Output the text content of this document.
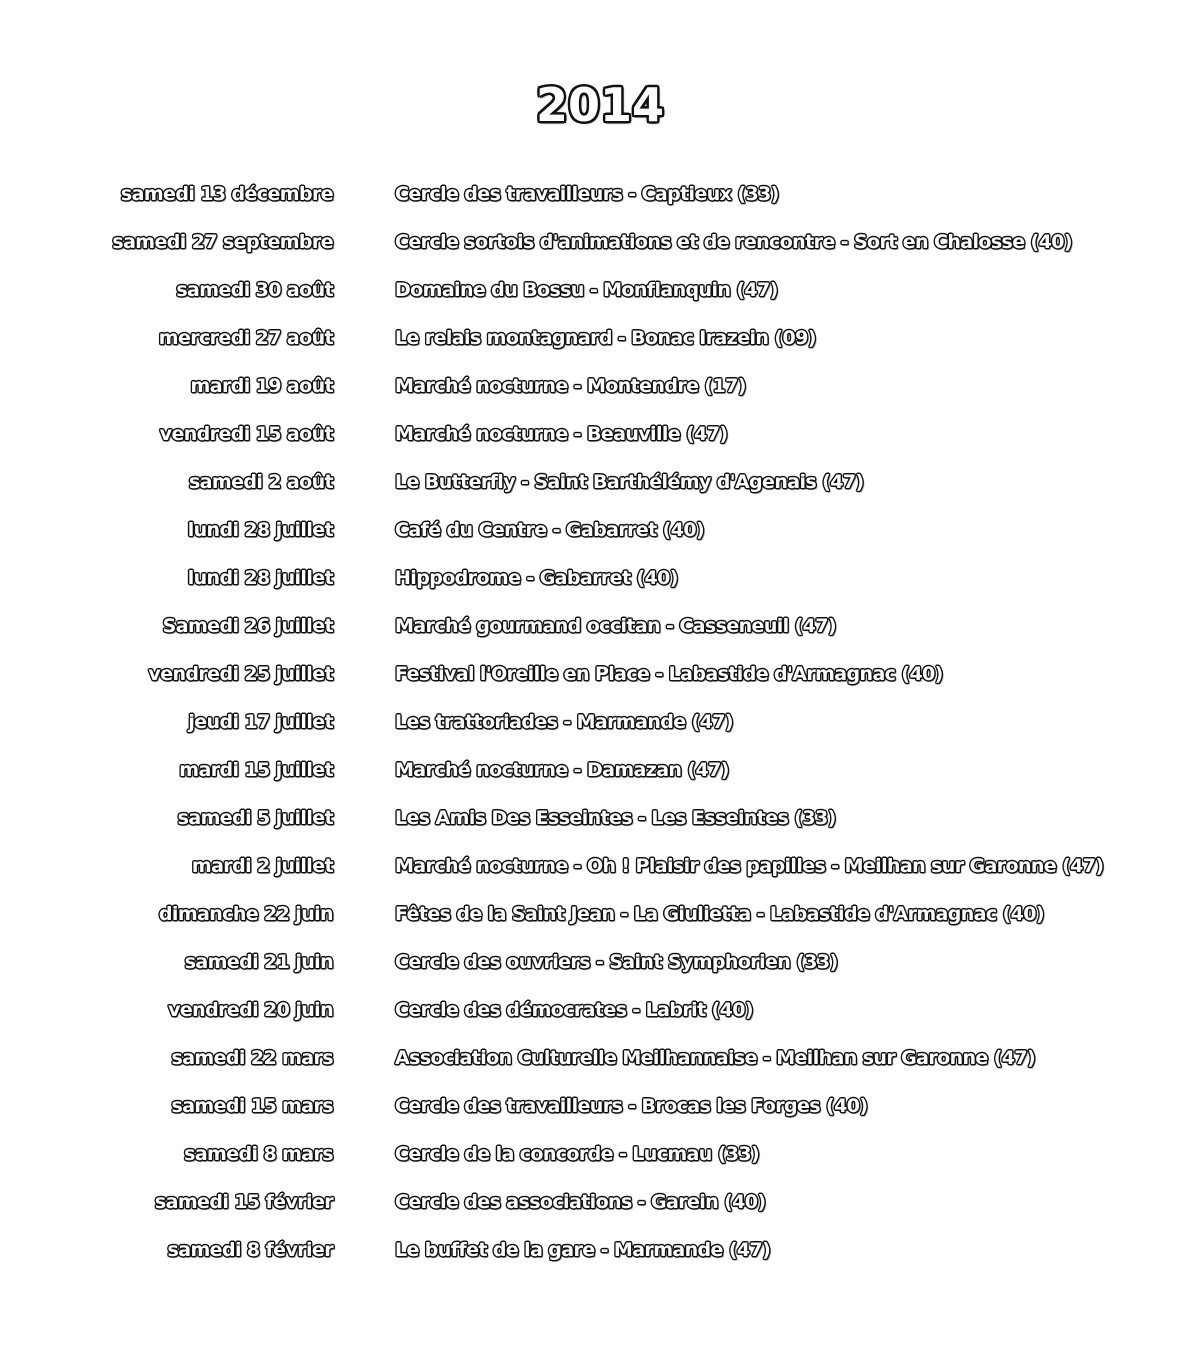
2014
samedi 13 décembre	Cercle des travailleurs - Captieux (33)
samedi 27 septembre	Cercle sortois d'animations et de rencontre - Sort en Chalosse (40)
samedi 30 août	Domaine du Bossu - Monflanquin (47)
mercredi 27 août	Le relais montagnard - Bonac Irazein (09)
mardi 19 août	Marché nocturne - Montendre (17)
vendredi 15 août	Marché nocturne - Beauville (47)
samedi 2 août	Le Butterfly - Saint Barthélémy d'Agenais (47)
lundi 28 juillet	Café du Centre - Gabarret (40)
lundi 28 juillet	Hippodrome - Gabarret (40)
Samedi 26 juillet	Marché gourmand occitan - Casseneuil (47)
vendredi 25 juillet	Festival l'Oreille en Place - Labastide d'Armagnac (40)
jeudi 17 juillet	Les trattoriades - Marmande (47)
mardi 15 juillet	Marché nocturne - Damazan (47)
samedi 5 juillet	Les Amis Des Esseintes - Les Esseintes (33)
mardi 2 juillet	Marché nocturne - Oh ! Plaisir des papilles - Meilhan sur Garonne (47)
dimanche 22 juin	Fêtes de la Saint Jean - La Giulietta - Labastide d'Armagnac (40)
samedi 21 juin	Cercle des ouvriers - Saint Symphorien (33)
vendredi 20 juin	Cercle des démocrates - Labrit (40)
samedi 22 mars	Association Culturelle Meilhannaise - Meilhan sur Garonne (47)
samedi 15 mars	Cercle des travailleurs - Brocas les Forges (40)
samedi 8 mars	Cercle de la concorde - Lucmau (33)
samedi 15 février	Cercle des associations - Garein (40)
samedi 8 février	Le buffet de la gare - Marmande (47)
